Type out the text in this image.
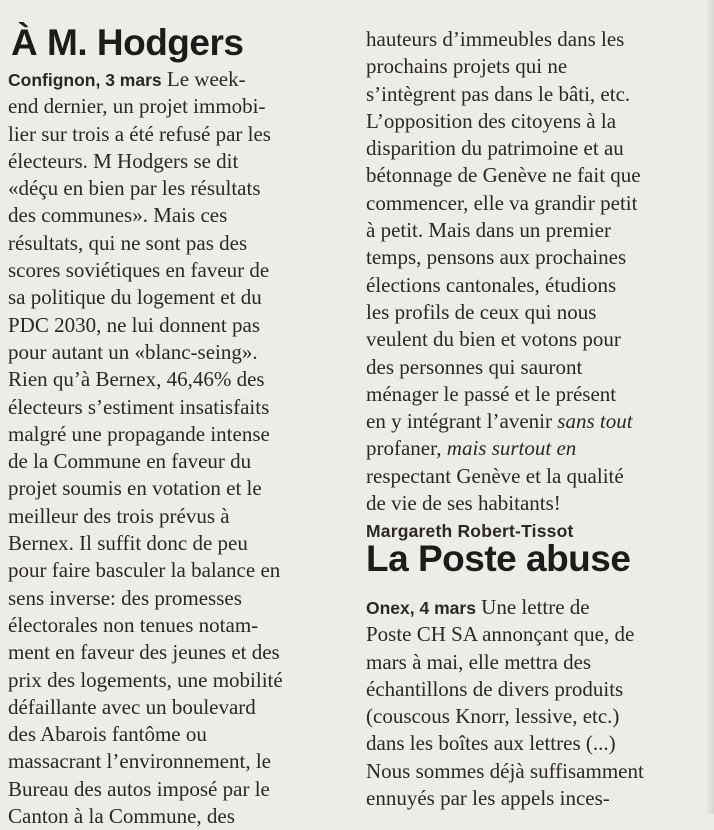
À M. Hodgers
Confignon, 3 mars Le week-
end dernier, un projet immobi-
lier sur trois a été refusé par les
électeurs. M Hodgers se dit
«déçu en bien par les résultats
des communes». Mais ces
résultats, qui ne sont pas des
scores soviétiques en faveur de
sa politique du logement et du
PDC 2030, ne lui donnent pas
pour autant un «blanc-seing».
Rien qu’à Bernex, 46,46% des
électeurs s’estiment insatisfaits
malgré une propagande intense
de la Commune en faveur du
projet soumis en votation et le
meilleur des trois prévus à
Bernex. Il suffit donc de peu
pour faire basculer la balance en
sens inverse: des promesses
électorales non tenues notam-
ment en faveur des jeunes et des
prix des logements, une mobilité
défaillante avec un boulevard
des Abarois fantôme ou
massacrant l’environnement, le
Bureau des autos imposé par le
Canton à la Commune, des
hauteurs d’immeubles dans les
prochains projets qui ne
s’intègrent pas dans le bâti, etc.
L’opposition des citoyens à la
disparition du patrimoine et au
bétonnage de Genève ne fait que
commencer, elle va grandir petit
à petit. Mais dans un premier
temps, pensons aux prochaines
élections cantonales, étudions
les profils de ceux qui nous
veulent du bien et votons pour
des personnes qui sauront
ménager le passé et le présent
en y intégrant l’avenir sans tout
profaner, mais surtout en
respectant Genève et la qualité
de vie de ses habitants!
Margareth Robert-Tissot
La Poste abuse
Onex, 4 mars Une lettre de
Poste CH SA annonçant que, de
mars à mai, elle mettra des
échantillons de divers produits
(couscous Knorr, lessive, etc.)
dans les boîtes aux lettres (...)
Nous sommes déjà suffisamment
ennuyés par les appels inces-
